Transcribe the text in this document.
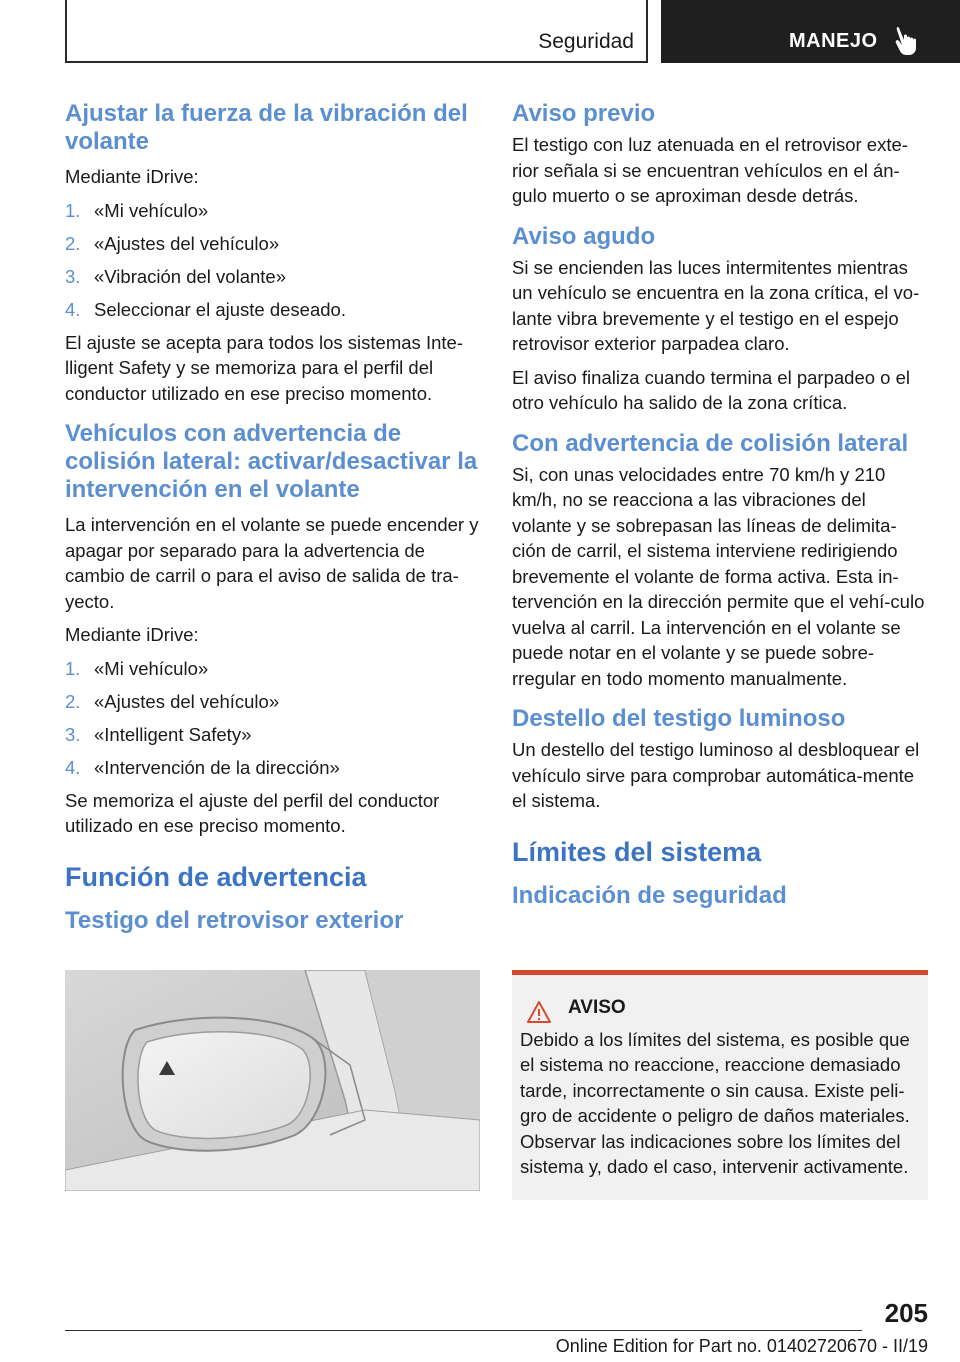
Seguridad	MANEJO
Ajustar la fuerza de la vibración del volante

Mediante iDrive:

1. «Mi vehículo»
2. «Ajustes del vehículo»
3. «Vibración del volante»
4. Seleccionar el ajuste deseado.

El ajuste se acepta para todos los sistemas Inte‐lligent Safety y se memoriza para el perfil del conductor utilizado en ese preciso momento.

Vehículos con advertencia de colisión lateral: activar/desactivar la intervención en el volante

La intervención en el volante se puede encender y apagar por separado para la advertencia de cambio de carril o para el aviso de salida de tra‐yecto.

Mediante iDrive:

1. «Mi vehículo»
2. «Ajustes del vehículo»
3. «Intelligent Safety»
4. «Intervención de la dirección»

Se memoriza el ajuste del perfil del conductor utilizado en ese preciso momento.

Función de advertencia
Testigo del retrovisor exterior
Aviso previo

El testigo con luz atenuada en el retrovisor exte‐rior señala si se encuentran vehículos en el án‐gulo muerto o se aproximan desde detrás.

Aviso agudo

Si se encienden las luces intermitentes mientras un vehículo se encuentra en la zona crítica, el vo‐lante vibra brevemente y el testigo en el espejo retrovisor exterior parpadea claro.

El aviso finaliza cuando termina el parpadeo o el otro vehículo ha salido de la zona crítica.

Con advertencia de colisión lateral

Si, con unas velocidades entre 70 km/h y 210 km/h, no se reacciona a las vibraciones del volante y se sobrepasan las líneas de delimita‐ción de carril, el sistema interviene redirigiendo brevemente el volante de forma activa. Esta in‐tervención en la dirección permite que el vehí‐culo vuelva al carril. La intervención en el volante se puede notar en el volante y se puede sobre‐rregular en todo momento manualmente.

Destello del testigo luminoso

Un destello del testigo luminoso al desbloquear el vehículo sirve para comprobar automática‐mente el sistema.

Límites del sistema
Indicación de seguridad
AVISO

Debido a los límites del sistema, es posible que el sistema no reaccione, reaccione demasiado tarde, incorrectamente o sin causa. Existe peli‐gro de accidente o peligro de daños materiales. Observar las indicaciones sobre los límites del sistema y, dado el caso, intervenir activamente.

205
Online Edition for Part no. 01402720670 - II/19
